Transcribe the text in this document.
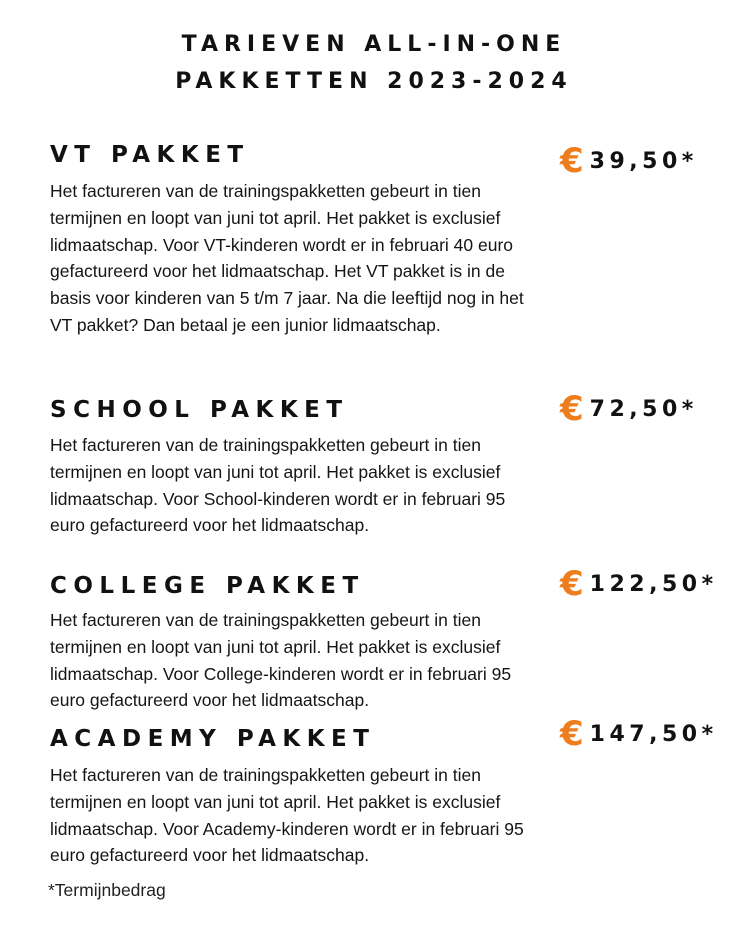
TARIEVEN ALL-IN-ONE
PAKKETTEN 2023-2024
VT PAKKET	€ 39,50*
Het factureren van de trainingspakketten gebeurt in tien termijnen en loopt van juni tot april. Het pakket is exclusief lidmaatschap. Voor VT-kinderen wordt er in februari 40 euro gefactureerd voor het lidmaatschap. Het VT pakket is in de basis voor kinderen van 5 t/m 7 jaar. Na die leeftijd nog in het VT pakket? Dan betaal je een junior lidmaatschap.
SCHOOL PAKKET	€ 72,50*
Het factureren van de trainingspakketten gebeurt in tien termijnen en loopt van juni tot april. Het pakket is exclusief lidmaatschap. Voor School-kinderen wordt er in februari 95 euro gefactureerd voor het lidmaatschap.
COLLEGE PAKKET	€ 122,50*
Het factureren van de trainingspakketten gebeurt in tien termijnen en loopt van juni tot april. Het pakket is exclusief lidmaatschap. Voor College-kinderen wordt er in februari 95 euro gefactureerd voor het lidmaatschap.
ACADEMY PAKKET	€ 147,50*
Het factureren van de trainingspakketten gebeurt in tien termijnen en loopt van juni tot april. Het pakket is exclusief lidmaatschap. Voor Academy-kinderen wordt er in februari 95 euro gefactureerd voor het lidmaatschap.
*Termijnbedrag
